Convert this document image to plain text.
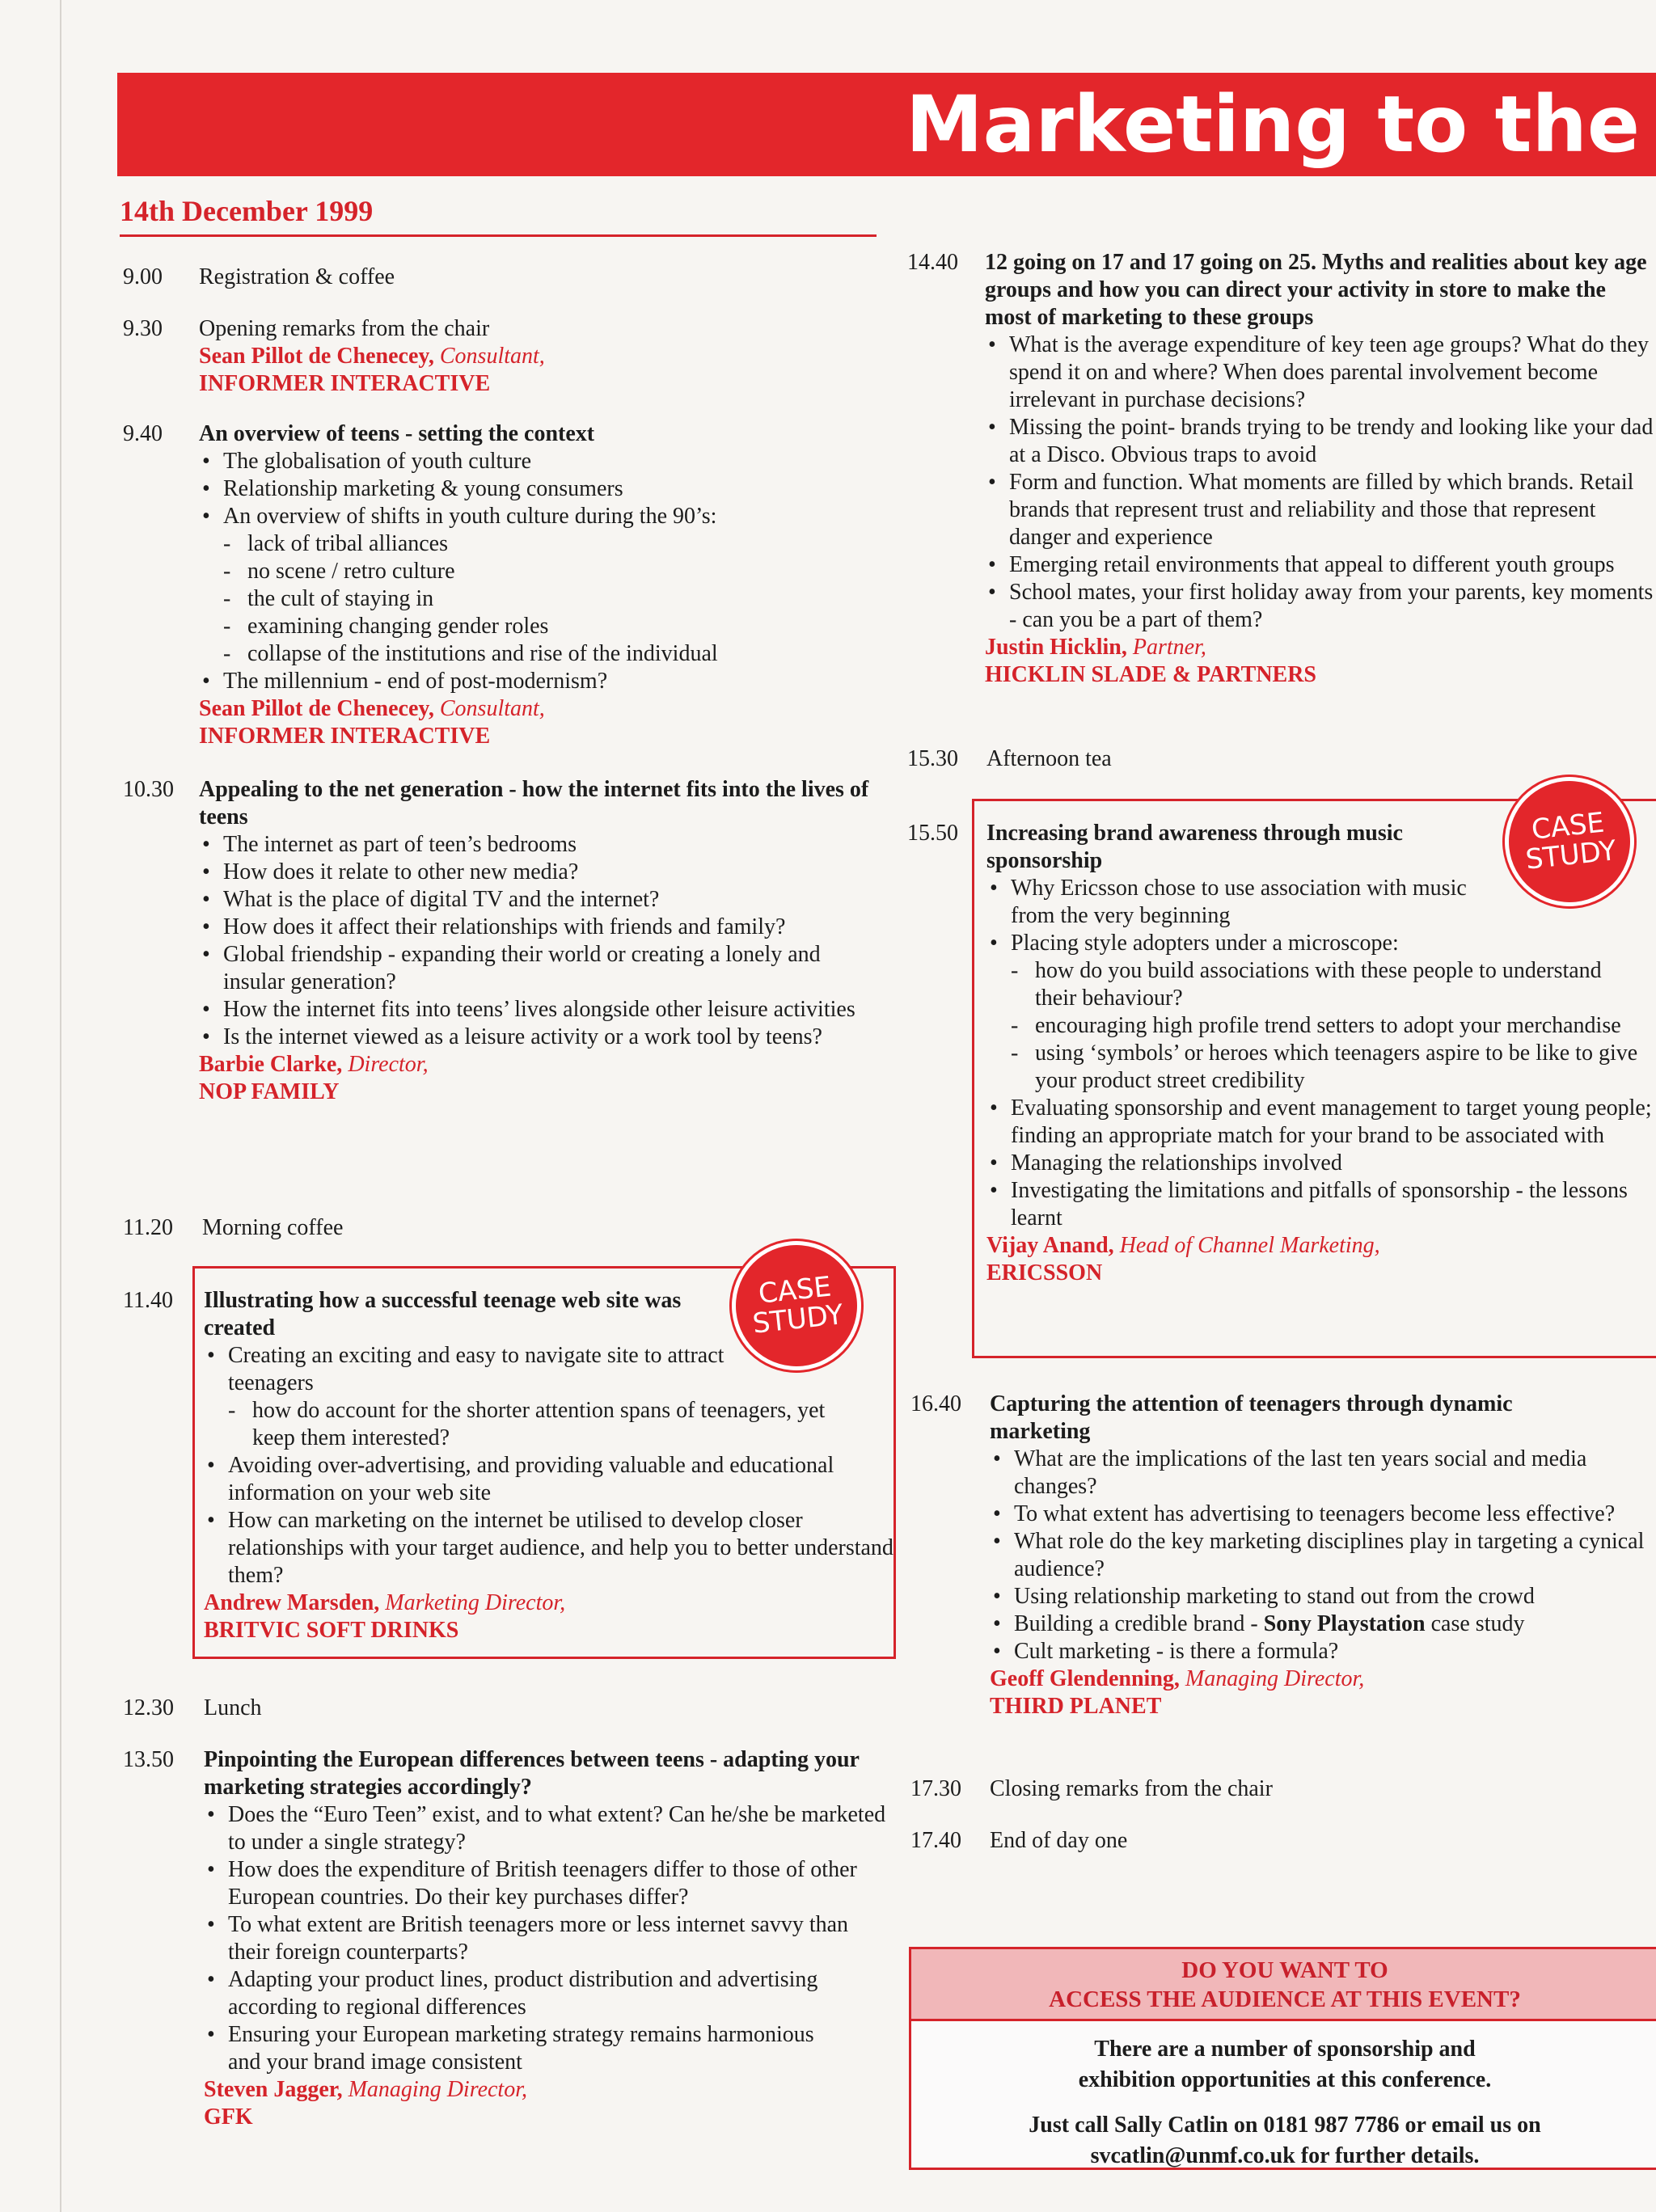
Marketing to the
14th December 1999
9.00 Registration & coffee
9.30 Opening remarks from the chair
Sean Pillot de Chenecey, Consultant,
INFORMER INTERACTIVE
9.40 An overview of teens - setting the context
• The globalisation of youth culture
• Relationship marketing & young consumers
• An overview of shifts in youth culture during the 90’s:
- lack of tribal alliances
- no scene / retro culture
- the cult of staying in
- examining changing gender roles
- collapse of the institutions and rise of the individual
• The millennium - end of post-modernism?
Sean Pillot de Chenecey, Consultant,
INFORMER INTERACTIVE
10.30 Appealing to the net generation - how the internet fits into the lives of teens
• The internet as part of teen’s bedrooms
• How does it relate to other new media?
• What is the place of digital TV and the internet?
• How does it affect their relationships with friends and family?
• Global friendship - expanding their world or creating a lonely and insular generation?
• How the internet fits into teens’ lives alongside other leisure activities
• Is the internet viewed as a leisure activity or a work tool by teens?
Barbie Clarke, Director,
NOP FAMILY
11.20 Morning coffee
CASE
STUDY
11.40 Illustrating how a successful teenage web site was created
• Creating an exciting and easy to navigate site to attract teenagers
- how do account for the shorter attention spans of teenagers, yet keep them interested?
• Avoiding over-advertising, and providing valuable and educational information on your web site
• How can marketing on the internet be utilised to develop closer relationships with your target audience, and help you to better understand them?
Andrew Marsden, Marketing Director,
BRITVIC SOFT DRINKS
12.30 Lunch
13.50 Pinpointing the European differences between teens - adapting your marketing strategies accordingly?
• Does the “Euro Teen” exist, and to what extent? Can he/she be marketed to under a single strategy?
• How does the expenditure of British teenagers differ to those of other European countries. Do their key purchases differ?
• To what extent are British teenagers more or less internet savvy than their foreign counterparts?
• Adapting your product lines, product distribution and advertising according to regional differences
• Ensuring your European marketing strategy remains harmonious and your brand image consistent
Steven Jagger, Managing Director,
GFK
14.40 12 going on 17 and 17 going on 25. Myths and realities about key age groups and how you can direct your activity in store to make the most of marketing to these groups
• What is the average expenditure of key teen age groups? What do they spend it on and where? When does parental involvement become irrelevant in purchase decisions?
• Missing the point- brands trying to be trendy and looking like your dad at a Disco. Obvious traps to avoid
• Form and function. What moments are filled by which brands. Retail brands that represent trust and reliability and those that represent danger and experience
• Emerging retail environments that appeal to different youth groups
• School mates, your first holiday away from your parents, key moments - can you be a part of them?
Justin Hicklin, Partner,
HICKLIN SLADE & PARTNERS
15.30 Afternoon tea
CASE
STUDY
15.50 Increasing brand awareness through music sponsorship
• Why Ericsson chose to use association with music from the very beginning
• Placing style adopters under a microscope:
- how do you build associations with these people to understand their behaviour?
- encouraging high profile trend setters to adopt your merchandise
- using ‘symbols’ or heroes which teenagers aspire to be like to give your product street credibility
• Evaluating sponsorship and event management to target young people; finding an appropriate match for your brand to be associated with
• Managing the relationships involved
• Investigating the limitations and pitfalls of sponsorship - the lessons learnt
Vijay Anand, Head of Channel Marketing,
ERICSSON
16.40 Capturing the attention of teenagers through dynamic marketing
• What are the implications of the last ten years social and media changes?
• To what extent has advertising to teenagers become less effective?
• What role do the key marketing disciplines play in targeting a cynical audience?
• Using relationship marketing to stand out from the crowd
• Building a credible brand - Sony Playstation case study
• Cult marketing - is there a formula?
Geoff Glendenning, Managing Director,
THIRD PLANET
17.30 Closing remarks from the chair
17.40 End of day one
DO YOU WANT TO
ACCESS THE AUDIENCE AT THIS EVENT?

There are a number of sponsorship and
exhibition opportunities at this conference.

Just call Sally Catlin on 0181 987 7786 or email us on
svcatlin@unmf.co.uk for further details.
